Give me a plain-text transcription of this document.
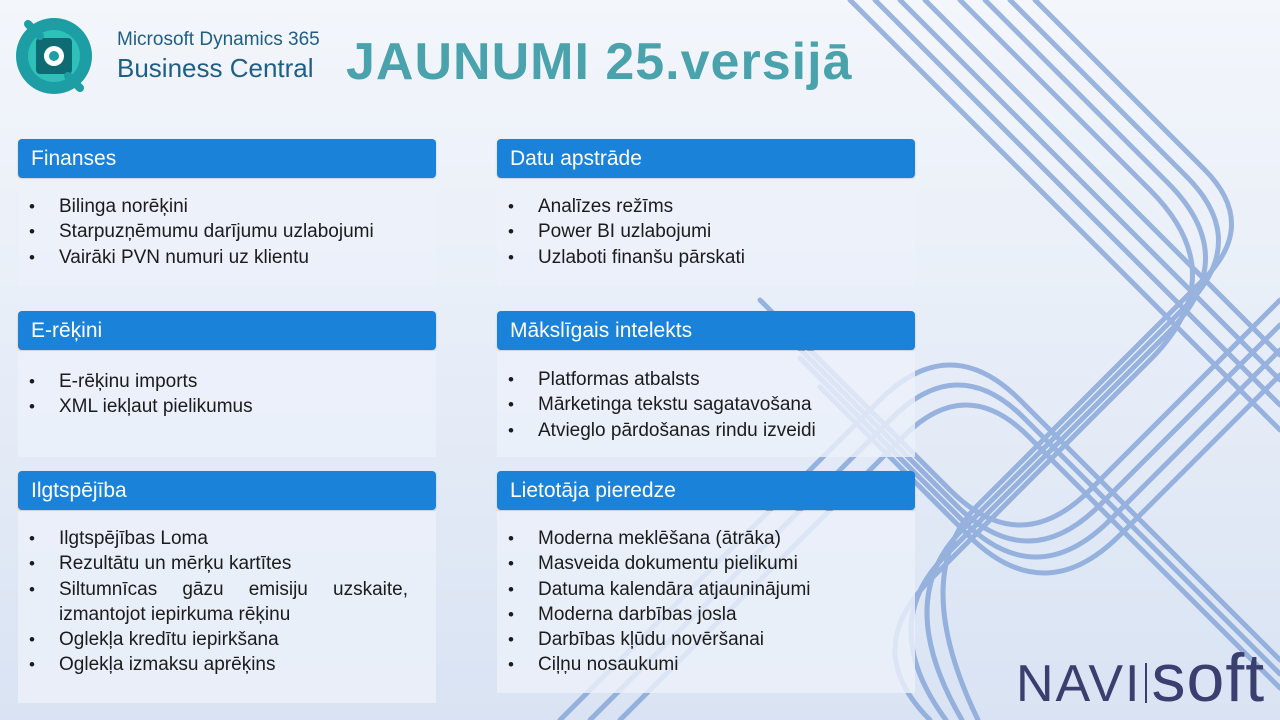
Microsoft Dynamics 365
Business Central JAUNUMI 25.versijā
Finanses
• Bilinga norēķini
• Starpuzņēmumu darījumu uzlabojumi
• Vairāki PVN numuri uz klientu
Datu apstrāde
• Analīzes režīms
• Power BI uzlabojumi
• Uzlaboti finanšu pārskati
E-rēķini
• E-rēķinu imports
• XML iekļaut pielikumus
Mākslīgais intelekts
• Platformas atbalsts
• Mārketinga tekstu sagatavošana
• Atvieglo pārdošanas rindu izveidi
Ilgtspējība
• Ilgtspējības Loma
• Rezultātu un mērķu kartītes
• Siltumnīcas gāzu emisiju uzskaite, izmantojot iepirkuma rēķinu
• Oglekļa kredītu iepirkšana
• Oglekļa izmaksu aprēķins
Lietotāja pieredze
• Moderna meklēšana (ātrāka)
• Masveida dokumentu pielikumi
• Datuma kalendāra atjauninājumi
• Moderna darbības josla
• Darbības kļūdu novēršanai
• Ciļņu nosaukumi	NAVI soft
